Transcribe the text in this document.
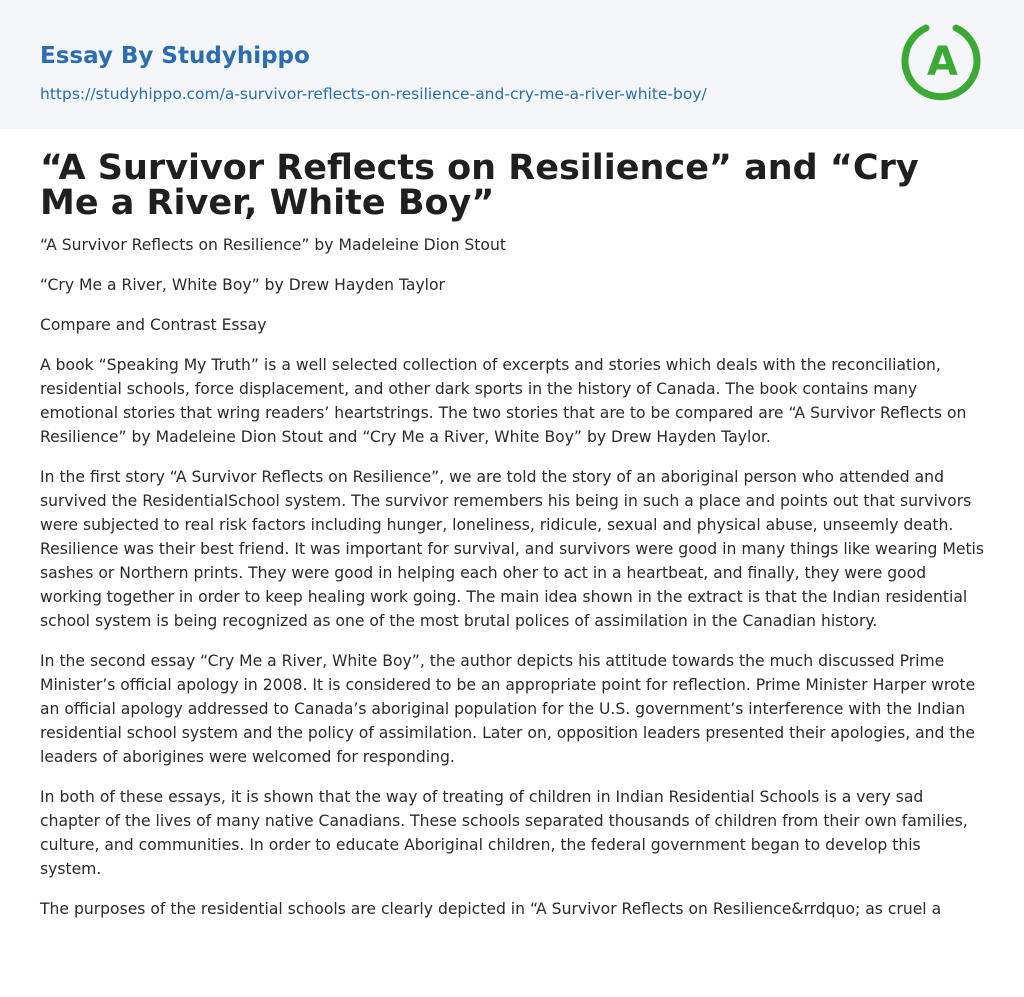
Essay By Studyhippo
https://studyhippo.com/a-survivor-reflects-on-resilience-and-cry-me-a-river-white-boy/
A
“A Survivor Reflects on Resilience” and “Cry Me a River, White Boy”

“A Survivor Reflects on Resilience” by Madeleine Dion Stout

“Cry Me a River, White Boy” by Drew Hayden Taylor

Compare and Contrast Essay

A book “Speaking My Truth” is a well selected collection of excerpts and stories which deals with the reconciliation, residential schools, force displacement, and other dark sports in the history of Canada. The book contains many emotional stories that wring readers’ heartstrings. The two stories that are to be compared are “A Survivor Reflects on Resilience” by Madeleine Dion Stout and “Cry Me a River, White Boy” by Drew Hayden Taylor.

In the first story “A Survivor Reflects on Resilience”, we are told the story of an aboriginal person who attended and survived the ResidentialSchool system. The survivor remembers his being in such a place and points out that survivors were subjected to real risk factors including hunger, loneliness, ridicule, sexual and physical abuse, unseemly death. Resilience was their best friend. It was important for survival, and survivors were good in many things like wearing Metis sashes or Northern prints. They were good in helping each oher to act in a heartbeat, and finally, they were good working together in order to keep healing work going. The main idea shown in the extract is that the Indian residential school system is being recognized as one of the most brutal polices of assimilation in the Canadian history.

In the second essay “Cry Me a River, White Boy”, the author depicts his attitude towards the much discussed Prime Minister’s official apology in 2008. It is considered to be an appropriate point for reflection. Prime Minister Harper wrote an official apology addressed to Canada’s aboriginal population for the U.S. government’s interference with the Indian residential school system and the policy of assimilation. Later on, opposition leaders presented their apologies, and the leaders of aborigines were welcomed for responding.

In both of these essays, it is shown that the way of treating of children in Indian Residential Schools is a very sad chapter of the lives of many native Canadians. These schools separated thousands of children from their own families, culture, and communities. In order to educate Aboriginal children, the federal government began to develop this system.

The purposes of the residential schools are clearly depicted in “A Survivor Reflects on Resilience&rrdquo; as cruel a
